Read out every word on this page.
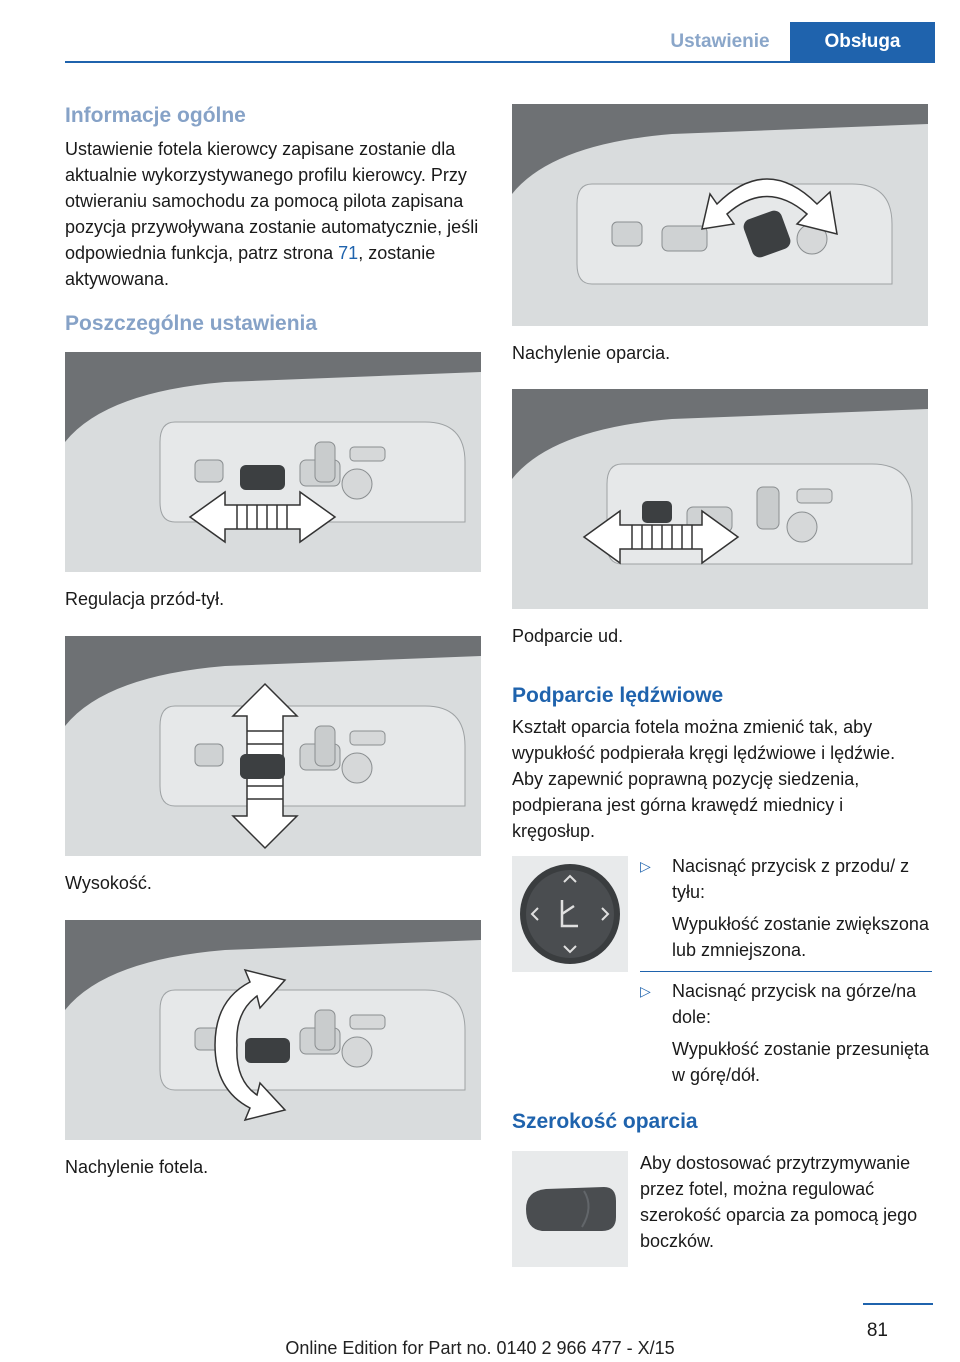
Ustawienie	Obsługa
Informacje ogólne

Ustawienie fotela kierowcy zapisane zostanie dla aktualnie wykorzystywanego profilu kierowcy. Przy otwieraniu samochodu za pomocą pilota zapisana pozycja przywoływana zostanie automatycznie, jeśli odpowiednia funkcja, patrz strona 71, zostanie aktywowana.

Poszczególne ustawienia
Regulacja przód-tył.
Wysokość.
Nachylenie fotela.
Nachylenie oparcia.
Podparcie ud.
Podparcie lędźwiowe

Kształt oparcia fotela można zmienić tak, aby wypukłość podpierała kręgi lędźwiowe i lędźwie. Aby zapewnić poprawną pozycję siedzenia, podpierana jest górna krawędź miednicy i kręgosłup.

▷	Nacisnąć przycisk z przodu/ z tyłu:
Wypukłość zostanie zwiększona lub zmniejszona.
▷	Nacisnąć przycisk na górze/na dole:
Wypukłość zostanie przesunięta w górę/dół.
Szerokość oparcia

Aby dostosować przytrzymywanie przez fotel, można regulować szerokość oparcia za pomocą jego boczków.

81
Online Edition for Part no. 0140 2 966 477 - X/15
